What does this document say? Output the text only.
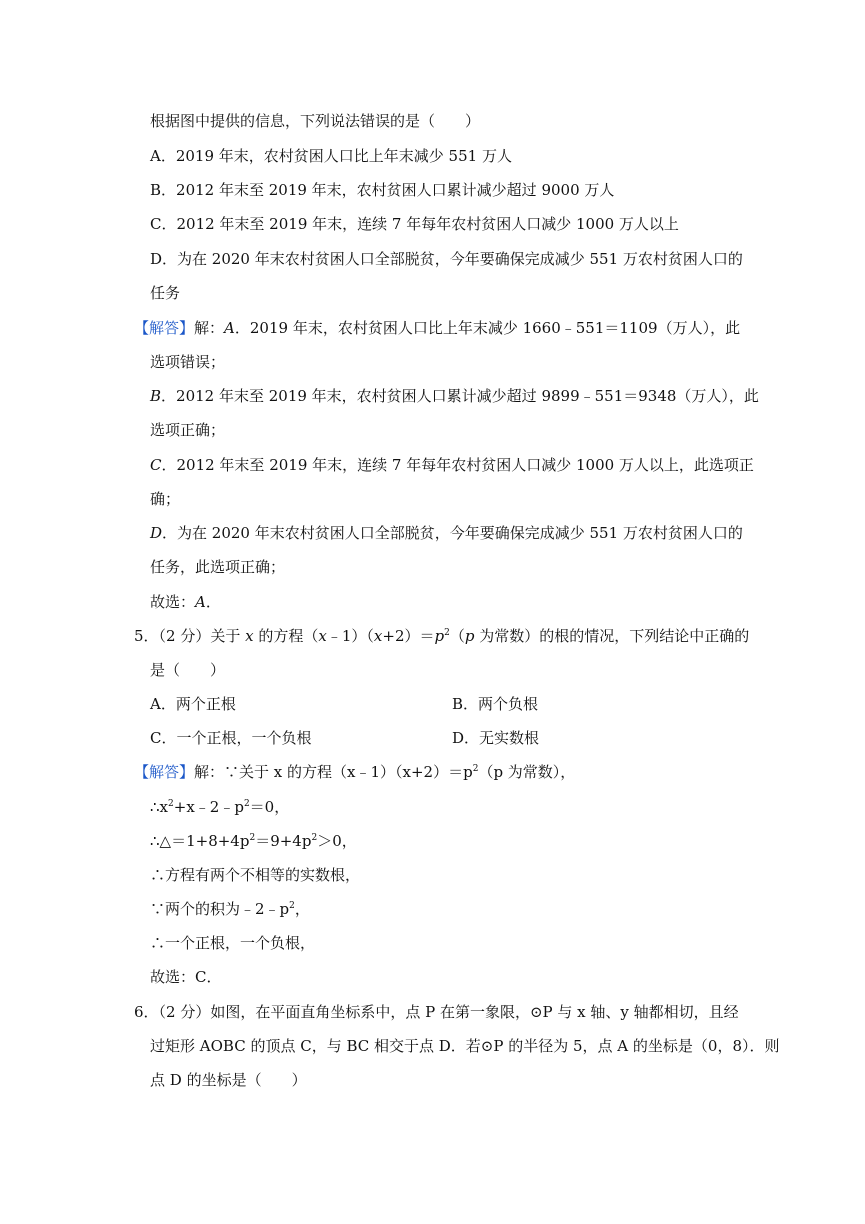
根据图中提供的信息，下列说法错误的是（　　）
A．2019 年末，农村贫困人口比上年末减少 551 万人
B．2012 年末至 2019 年末，农村贫困人口累计减少超过 9000 万人
C．2012 年末至 2019 年末，连续 7 年每年农村贫困人口减少 1000 万人以上
D．为在 2020 年末农村贫困人口全部脱贫，今年要确保完成减少 551 万农村贫困人口的
任务
【解答】解：A．2019 年末，农村贫困人口比上年末减少 1660﹣551＝1109（万人），此
选项错误；
B．2012 年末至 2019 年末，农村贫困人口累计减少超过 9899﹣551＝9348（万人），此
选项正确；
C．2012 年末至 2019 年末，连续 7 年每年农村贫困人口减少 1000 万人以上，此选项正
确；
D．为在 2020 年末农村贫困人口全部脱贫，今年要确保完成减少 551 万农村贫困人口的
任务，此选项正确；
故选：A．
5．（2 分）关于 x 的方程$(x﹣1)(x+2)=p^2(p$ 为常数）的根的情况，下列结论中正确的
是（　　）
A．两个正根	B．两个负根
C．一个正根，一个负根	D．无实数根
【解答】解：∵关于 x 的方程$(x﹣1)(x+2)=p^2(p$ 为常数），
$\therefore x^2+x﹣2﹣p^2=0$，
$\therefore\triangle=1+8+4p^2=9+4p^2>0$，
∴方程有两个不相等的实数根，
∵两个的积为$﹣2﹣p^2$，
∴一个正根，一个负根，
故选：C．
6．（2 分）如图，在平面直角坐标系中，点 P 在第一象限，⊙P 与 x 轴、y 轴都相切，且经
过矩形 AOBC 的顶点 C，与 BC 相交于点 D．若⊙P 的半径为 5，点 A 的坐标是（0，8）．则
点 D 的坐标是（　　）
